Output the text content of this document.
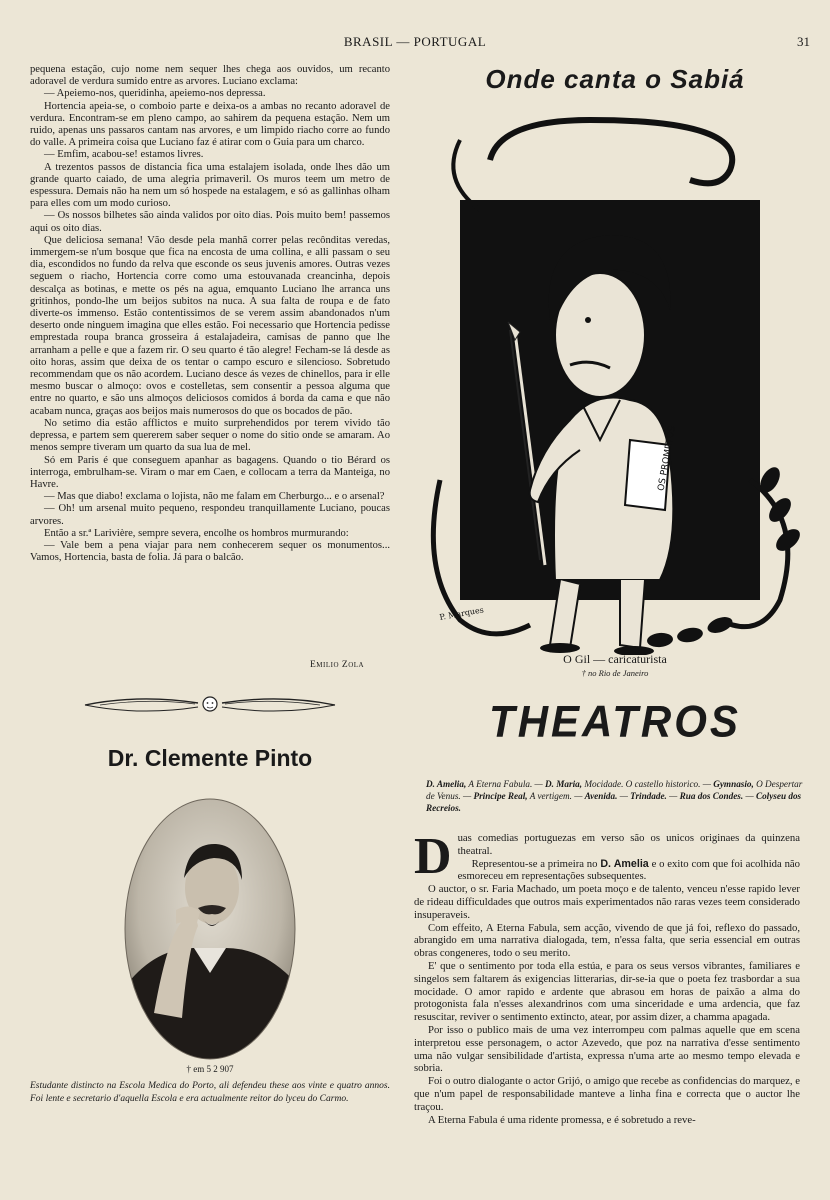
BRASIL — PORTUGAL	31

pequena estação, cujo nome nem sequer lhes chega aos ouvidos, um recanto adoravel de verdura sumido entre as arvores. Luciano exclama:

— Apeiemo-nos, queridinha, apeiemo-nos depressa.

Hortencia apeia-se, o comboio parte e deixa-os a ambas no recanto adoravel de verdura. Encontram-se em pleno campo, ao sahirem da pequena estação. Nem um ruido, apenas uns passaros cantam nas arvores, e um limpido riacho corre ao fundo do valle. A primeira coisa que Luciano faz é atirar com o Guia para um charco.

— Emfim, acabou-se! estamos livres.

A trezentos passos de distancia fica uma estalajem isolada, onde lhes dão um grande quarto caiado, de uma alegria primaveril. Os muros teem um metro de espessura. Demais não ha nem um só hospede na estalagem, e só as gallinhas olham para elles com um modo curioso.

— Os nossos bilhetes são ainda validos por oito dias. Pois muito bem! passemos aqui os oito dias.

Que deliciosa semana! Vão desde pela manhã correr pelas recônditas veredas, immergem-se n'um bosque que fica na encosta de uma collina, e alli passam o seu dia, escondidos no fundo da relva que esconde os seus juvenis amores. Outras vezes seguem o riacho, Hortencia corre como uma estouvanada creancinha, depois descalça as botinas, e mette os pés na agua, emquanto Luciano lhe arranca uns gritinhos, pondo-lhe um beijos subitos na nuca. A sua falta de roupa e de fato diverte-os immenso. Estão contentissimos de se verem assim abandonados n'um deserto onde ninguem imagina que elles estão. Foi necessario que Hortencia pedisse emprestada roupa branca grosseira á estalajadeira, camisas de panno que lhe arranham a pelle e que a fazem rir. O seu quarto é tão alegre! Fecham-se lá desde as oito horas, assim que deixa de os tentar o campo escuro e silencioso. Sobretudo recommendam que os não acordem. Luciano desce ás vezes de chinellos, para ir elle mesmo buscar o almoço: ovos e costelletas, sem consentir a pessoa alguma que entre no quarto, e são uns almoços deliciosos comidos á borda da cama e que não acabam nunca, graças aos beijos mais numerosos do que os bocados de pão.

No setimo dia estão afflictos e muito surprehendidos por terem vivido tão depressa, e partem sem quererem saber sequer o nome do sitio onde se amaram. Ao menos sempre tiveram um quarto da sua lua de mel.

Só em Paris é que conseguem apanhar as bagagens. Quando o tio Bérard os interroga, embrulham-se. Viram o mar em Caen, e collocam a terra da Manteiga, no Havre.

— Mas que diabo! exclama o lojista, não me falam em Cherburgo... e o arsenal?

— Oh! um arsenal muito pequeno, respondeu tranquillamente Luciano, poucas arvores.

Então a sr.ª Larivière, sempre severa, encolhe os hombros murmurando:

— Vale bem a pena viajar para nem conhecerem sequer os monumentos... Vamos, Hortencia, basta de folia. Já para o balcão.

Emilio Zola
Dr. Clemente Pinto
† em 5 2 907
Estudante distincto na Escola Medica do Porto, ali defendeu these aos vinte e quatro annos. Foi lente e secretario d'aquella Escola e era actualmente reitor do lyceu do Carmo.
Onde canta o Sabiá
OS PROMPTOS
P. Marques
O Gil — caricaturista
† no Rio de Janeiro
THEATROS
D. Amelia, A Eterna Fabula. — D. Maria, Mocidade. O castello historico. — Gymnasio, O Despertar de Venus. — Principe Real, A vertigem. — Avenida. — Trindade. — Rua dos Condes. — Colyseu dos Recreios.
D uas comedias portuguezas em verso são os unicos originaes da quinzena theatral.

Representou-se a primeira no D. Amelia e o exito com que foi acolhida não esmoreceu em representações subsequentes.

O auctor, o sr. Faria Machado, um poeta moço e de talento, venceu n'esse rapido lever de rideau difficuldades que outros mais experimentados não raras vezes teem considerado insuperaveis.

Com effeito, A Eterna Fabula, sem acção, vivendo de que já foi, reflexo do passado, abrangido em uma narrativa dialogada, tem, n'essa falta, que seria essencial em outras obras congeneres, todo o seu merito.

E' que o sentimento por toda ella estúa, e para os seus versos vibrantes, familiares e singelos sem faltarem ás exigencias litterarias, dir-se-ia que o poeta fez trasbordar a sua mocidade. O amor rapido e ardente que abrasou em horas de paixão a alma do protogonista fala n'esses alexandrinos com uma sinceridade e uma ardencia, que faz resuscitar, reviver o sentimento extincto, atear, por assim dizer, a chamma apagada.

Por isso o publico mais de uma vez interrompeu com palmas aquelle que em scena interpretou esse personagem, o actor Azevedo, que poz na narrativa d'esse sentimento uma não vulgar sensibilidade d'artista, expressa n'uma arte ao mesmo tempo elevada e sobria.

Foi o outro dialogante o actor Grijó, o amigo que recebe as confidencias do marquez, e que n'um papel de responsabilidade manteve a linha fina e correcta que o auctor lhe traçou.

A Eterna Fabula é uma ridente promessa, e é sobretudo a reve-
